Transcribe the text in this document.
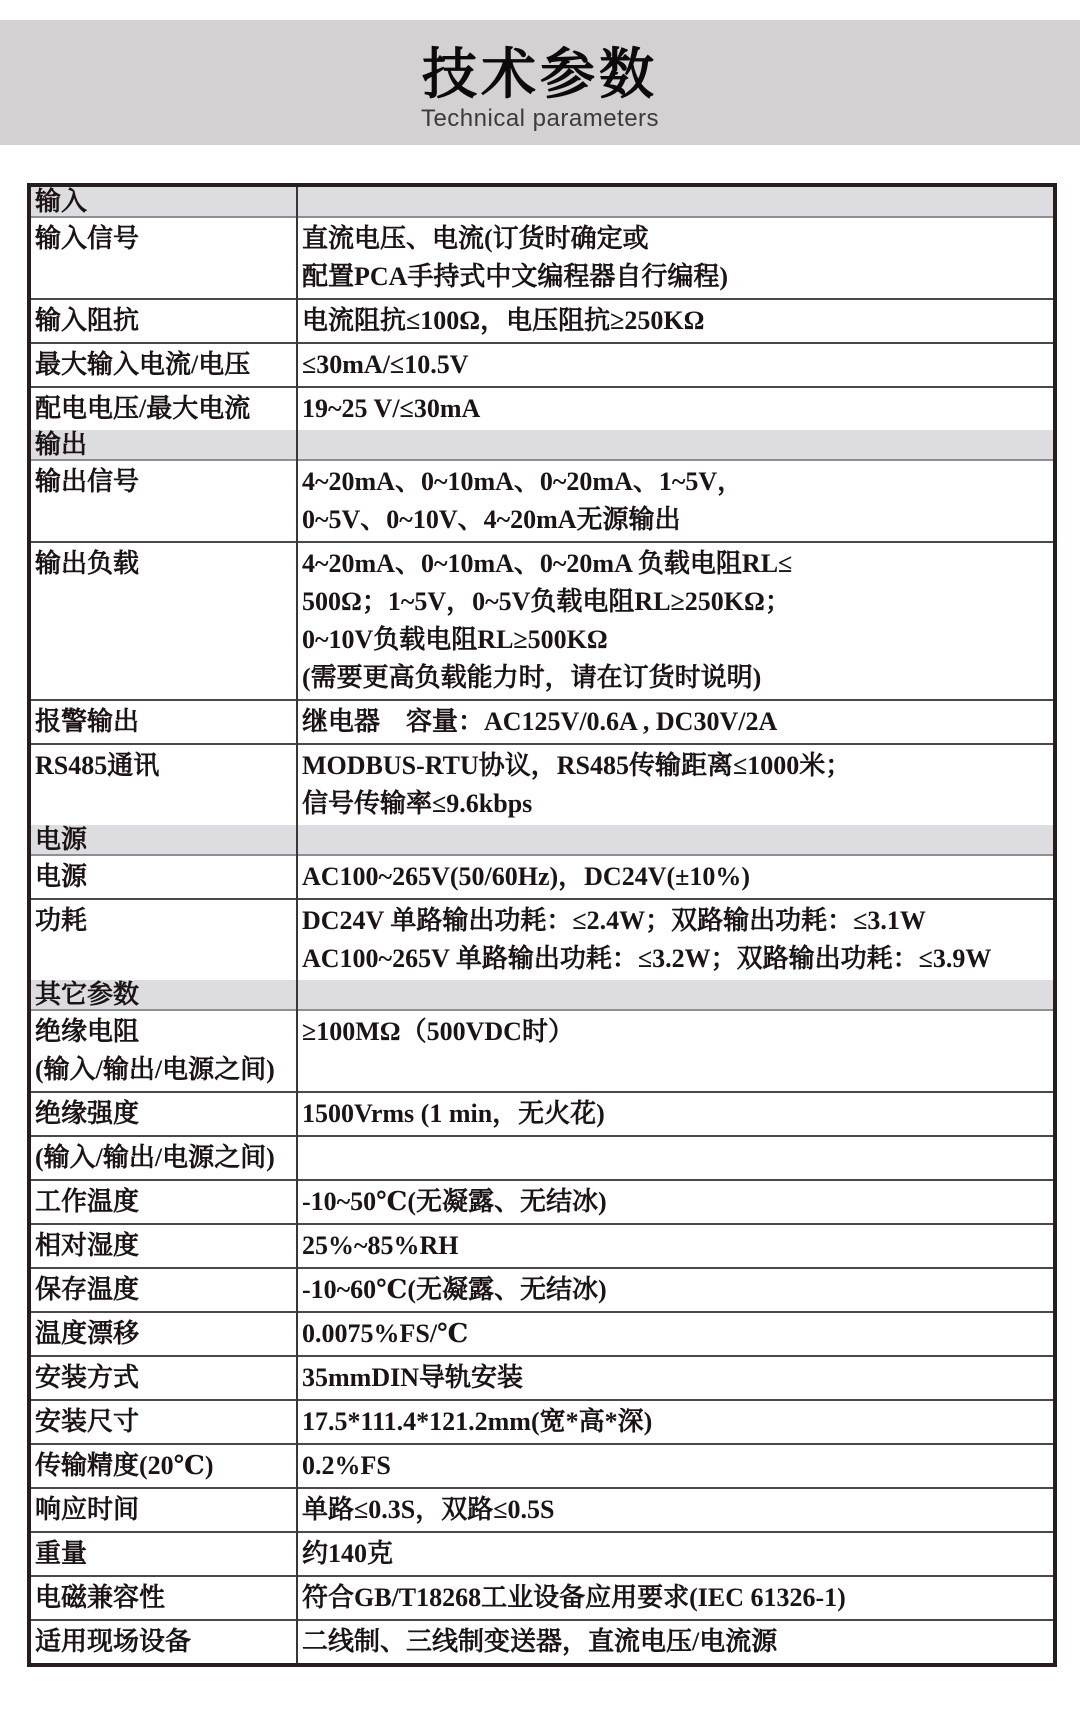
技术参数
Technical parameters
输入	

输入信号	直流电压、电流(订货时确定或
配置PCA手持式中文编程器自行编程)

输入阻抗	电流阻抗≤100Ω，电压阻抗≥250KΩ

最大输入电流/电压	≤30mA/≤10.5V

配电电压/最大电流	19~25 V/≤30mA

输出	

输出信号	4~20mA、0~10mA、0~20mA、1~5V，
0~5V、0~10V、4~20mA无源输出

输出负载	4~20mA、0~10mA、0~20mA 负载电阻RL≤
500Ω；1~5V，0~5V负载电阻RL≥250KΩ；
0~10V负载电阻RL≥500KΩ
(需要更高负载能力时，请在订货时说明)

报警输出	继电器　容量：AC125V/0.6A , DC30V/2A

RS485通讯	MODBUS-RTU协议，RS485传输距离≤1000米；
信号传输率≤9.6kbps

电源	

电源	AC100~265V(50/60Hz)，DC24V(±10%)

功耗	DC24V 单路输出功耗：≤2.4W；双路输出功耗：≤3.1W
AC100~265V 单路输出功耗：≤3.2W；双路输出功耗：≤3.9W

其它参数	

绝缘电阻
(输入/输出/电源之间)	≥100MΩ（500VDC时）

绝缘强度	1500Vrms (1 min，无火花)

(输入/输出/电源之间)	

工作温度	-10~50℃(无凝露、无结冰)

相对湿度	25%~85%RH

保存温度	-10~60℃(无凝露、无结冰)

温度漂移	0.0075%FS/℃

安装方式	35mmDIN导轨安装

安装尺寸	17.5*111.4*121.2mm(宽*高*深)

传输精度(20℃)	0.2%FS

响应时间	单路≤0.3S，双路≤0.5S

重量	约140克

电磁兼容性	符合GB/T18268工业设备应用要求(IEC 61326-1)

适用现场设备	二线制、三线制变送器，直流电压/电流源
